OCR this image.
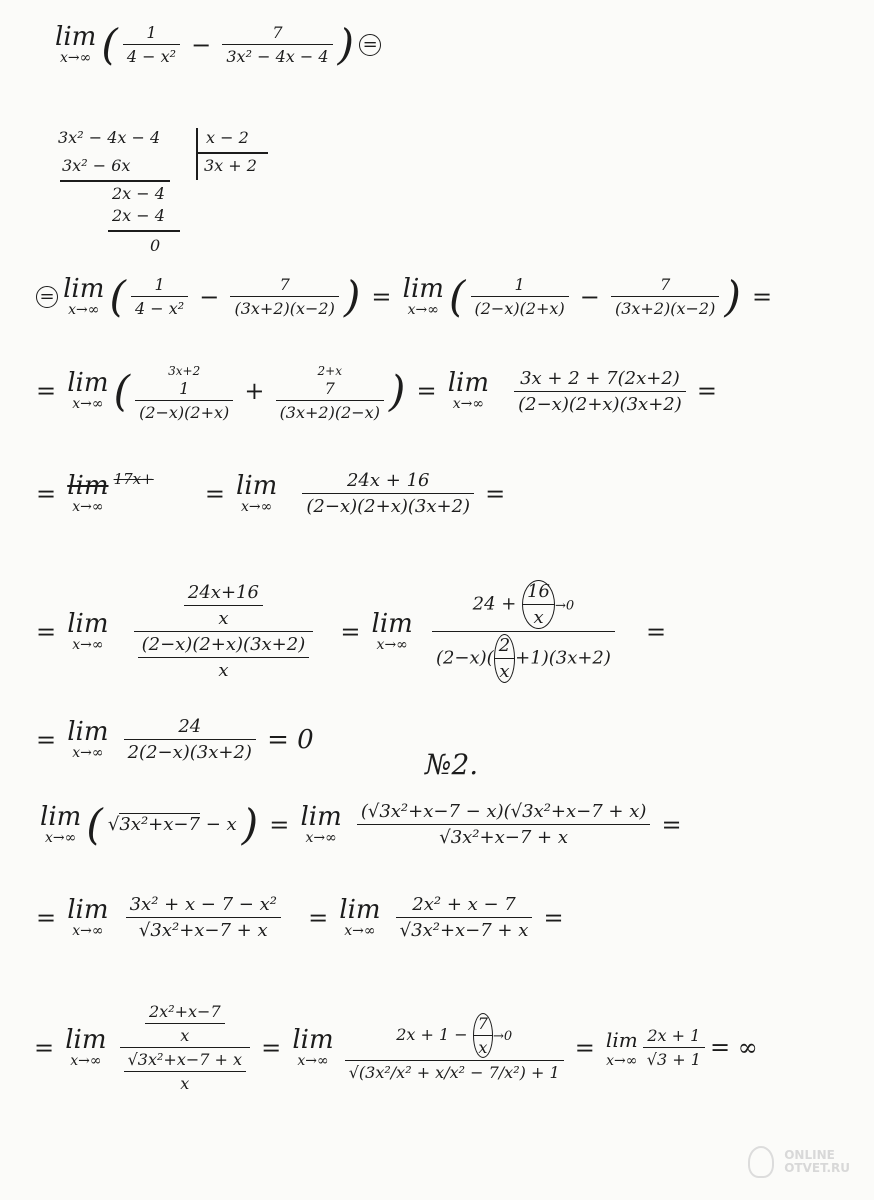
lim
x→∞ ( $\frac{1}{\text{4 − x²}} - \frac{7}{\text{3x² − 4x − 4}}$ ) =
3x² − 4x − 4	x − 2
3x² − 6x	3x + 2
2x − 4
2x − 4
0
= lim
x→∞ ( $\frac{1}{\text{4 − x²}} - \frac{7}{(3x+2)(x-2)}$ ) = lim
x→∞ ( $\frac{1}{(2-x)(2+x)} - \frac{7}{(3x+2)(x-2)}$ ) =
= lim
x→∞ (	3x+2
1
(2−x)(2+x)
+
2+x
7
(3x+2)(2−x) ) = lim
x→∞
$\frac{3x + 2 + 7(2x+2)}{(2-x)(2+x)(3x+2)}$ =
= lim
x→∞
17x+ = lim
x→∞
$\frac{24x + 16}{(2-x)(2+x)(3x+2)}$ =
= lim
x→∞
$\frac{\frac{24x+16}{x}}{\frac{(2-x)(2+x)(3x+2)}{x}} = \lim$
x→∞
$\frac{24 + \frac{16}{x} \to 0}{(2-x)( \frac{2}{x} +1)(3x+2)}$ =
= lim
x→∞
$\frac{24}{2(2-x)(3x+2)} = 0$
№2.
lim
x→∞ ( √3x²+x−7 − x ) = lim
x→∞
$\frac{\text{(√3x²+x−7 − x)(√3x²+x−7 + x)}}{\text{√3x²+x−7 + x}}$ =
= lim
x→∞
$\frac{\text{3x² + x − 7 − x²}}{\text{√3x²+x−7 + x}} = \lim$
x→∞
$\frac{\text{2x² + x − 7}}{\text{√3x²+x−7 + x}}$ =
= lim
x→∞
	$\frac{\frac{\text{2x²+x−7}}{x}}{\frac{\text{√3x²+x−7 + x}}{x}} = \lim$
x→∞
	$\frac{2x + 1 - \frac{7}{x} \to 0}{\text{√(3x²/x² + x/x² − 7/x²) + 1}} = \lim$
x→∞
$\frac{2x + 1}{√3 + 1}$ = ∞
ONLINE
OTVET.RU
